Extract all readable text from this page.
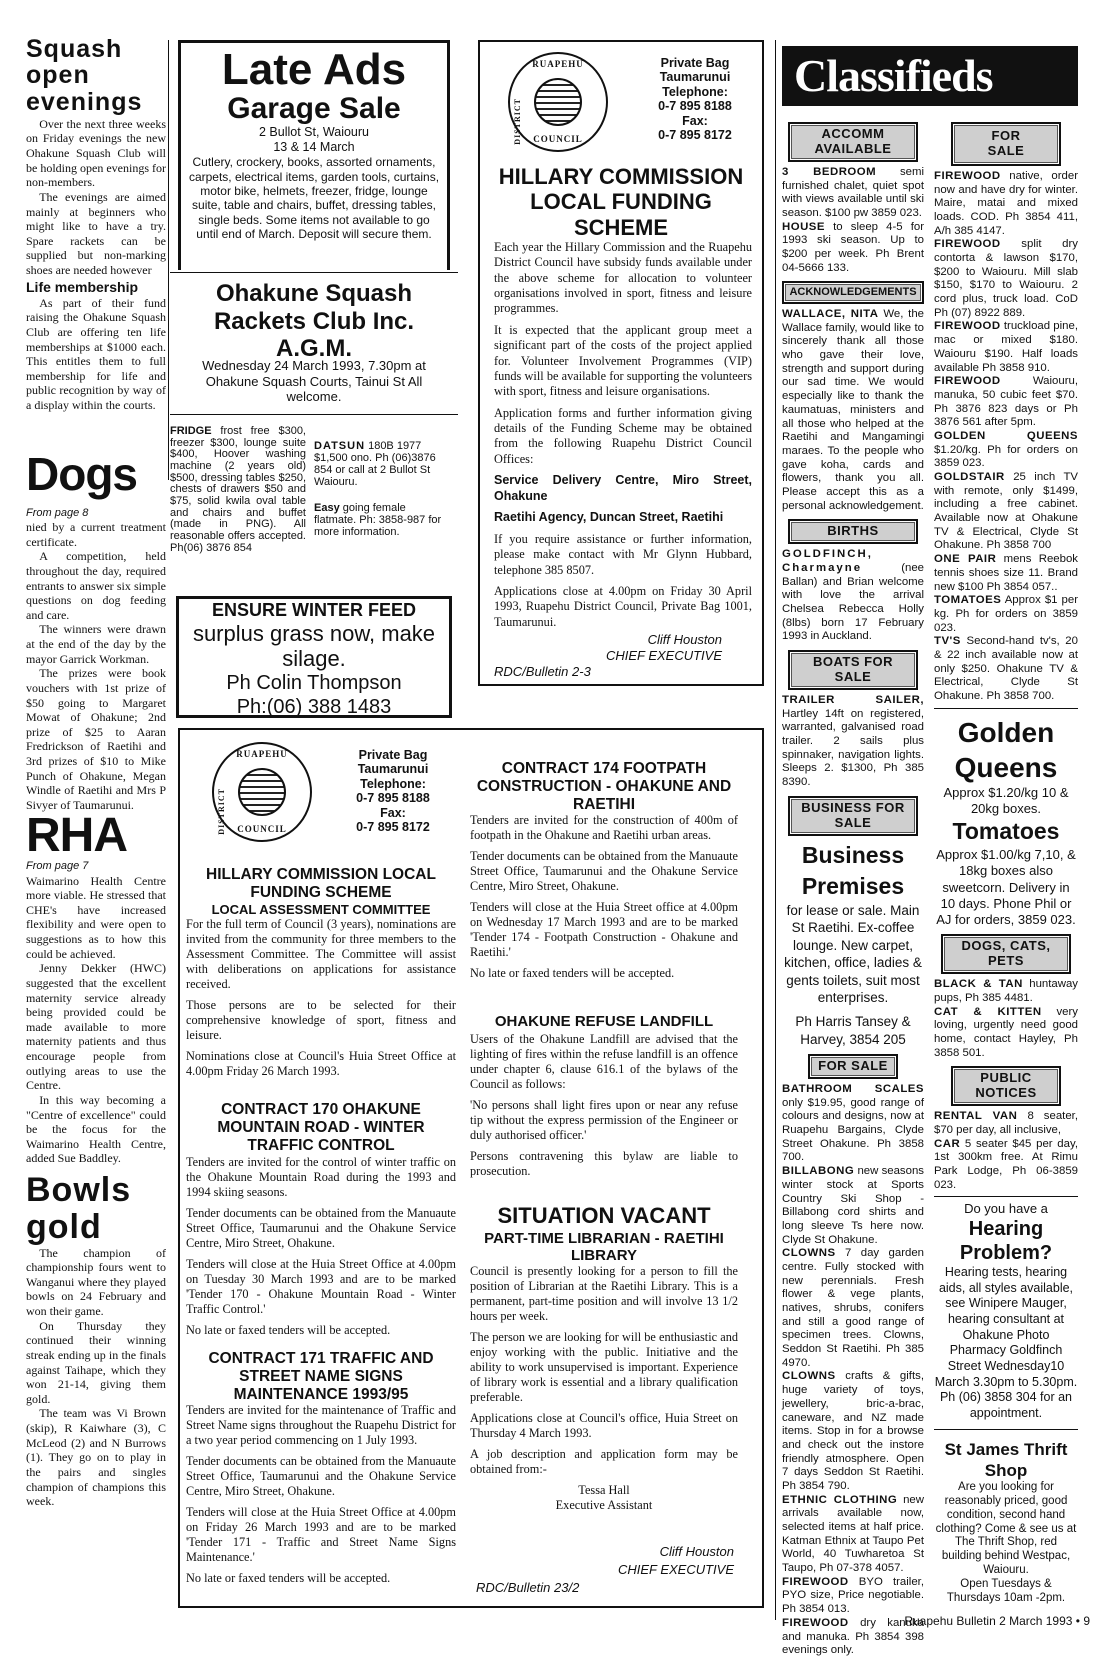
Squash open evenings

Over the next three weeks on Friday evenings the new Ohakune Squash Club will be holding open evenings for non-members.

The evenings are aimed mainly at beginners who might like to have a try. Spare rackets can be supplied but non-marking shoes are needed however

Life membership

As part of their fund raising the Ohakune Squash Club are offering ten life memberships at $1000 each. This entitles them to full membership for life and public recognition by way of a display within the courts.

Dogs
From page 8

nied by a current treatment certificate.

A competition, held throughout the day, required entrants to answer six simple questions on dog feeding and care.

The winners were drawn at the end of the day by the mayor Garrick Workman.

The prizes were book vouchers with 1st prize of $50 going to Margaret Mowat of Ohakune; 2nd prize of $25 to Aaran Fredrickson of Raetihi and 3rd prizes of $10 to Mike Punch of Ohakune, Megan Windle of Raetihi and Mrs P Sivyer of Taumarunui.

RHA
From page 7

Waimarino Health Centre more viable. He stressed that CHE's have increased flexibility and were open to suggestions as to how this could be achieved.

Jenny Dekker (HWC) suggested that the excellent maternity service already being provided could be made available to more maternity patients and thus encourage people from outlying areas to use the Centre.

In this way becoming a "Centre of excellence" could be the focus for the Waimarino Health Centre, added Sue Baddley.

Bowls gold

The champion of championship fours went to Wanganui where they played bowls on 24 February and won their game.

On Thursday they continued their winning streak ending up in the finals against Taihape, which they won 21-14, giving them gold.

The team was Vi Brown (skip), R Kaiwhare (3), C McLeod (2) and N Burrows (1). They go on to play in the pairs and singles champion of champions this week.

Late Ads
Garage Sale
2 Bullot St, Waiouru
13 & 14 March
Cutlery, crockery, books, assorted ornaments, carpets, electrical items, garden tools, curtains, motor bike, helmets, freezer, fridge, lounge suite, table and chairs, buffet, dressing tables, single beds. Some items not available to go until end of March. Deposit will secure them.
Ohakune Squash Rackets Club Inc. A.G.M.
Wednesday 24 March 1993, 7.30pm at Ohakune Squash Courts, Tainui St All welcome.
FRIDGE frost free $300, freezer $300, lounge suite $400, Hoover washing machine (2 years old) $500, dressing tables $250, chests of drawers $50 and $75, solid kwila oval table and chairs and buffet (made in PNG). All reasonable offers accepted. Ph(06) 3876 854
DATSUN 180B 1977 $1,500 ono. Ph (06)3876 854 or call at 2 Bullot St Waiouru.
Easy going female flatmate. Ph: 3858-987 for more information.
ENSURE WINTER FEED
surplus grass now, make silage.
Ph Colin Thompson
Ph:(06) 388 1483
RUAPEHU
DISTRICT	COUNCIL
Private Bag
Taumarunui
Telephone:
0-7 895 8188
Fax:
0-7 895 8172
HILLARY COMMISSION LOCAL FUNDING SCHEME

Each year the Hillary Commission and the Ruapehu District Council have subsidy funds available under the above scheme for allocation to volunteer organisations involved in sport, fitness and leisure programmes.

It is expected that the applicant group meet a significant part of the costs of the project applied for. Volunteer Involvement Programmes (VIP) funds will be available for supporting the volunteers with sport, fitness and leisure organisations.

Application forms and further information giving details of the Funding Scheme may be obtained from the following Ruapehu District Council Offices:

Service Delivery Centre, Miro Street, Ohakune

Raetihi Agency, Duncan Street, Raetihi

If you require assistance or further information, please make contact with Mr Glynn Hubbard, telephone 385 8507.

Applications close at 4.00pm on Friday 30 April 1993, Ruapehu District Council, Private Bag 1001, Taumarunui.

Cliff Houston
CHIEF EXECUTIVE
RDC/Bulletin 2-3
RUAPEHU
DISTRICT	COUNCIL
Private Bag
Taumarunui
Telephone:
0-7 895 8188
Fax:
0-7 895 8172
HILLARY COMMISSION LOCAL FUNDING SCHEME
LOCAL ASSESSMENT COMMITTEE

For the full term of Council (3 years), nominations are invited from the community for three members to the Assessment Committee. The Committee will assist with deliberations on applications for assistance received.

Those persons are to be selected for their comprehensive knowledge of sport, fitness and leisure.

Nominations close at Council's Huia Street Office at 4.00pm Friday 26 March 1993.

CONTRACT 170 OHAKUNE MOUNTAIN ROAD - WINTER TRAFFIC CONTROL

Tenders are invited for the control of winter traffic on the Ohakune Mountain Road during the 1993 and 1994 skiing seasons.

Tender documents can be obtained from the Manuaute Street Office, Taumarunui and the Ohakune Service Centre, Miro Street, Ohakune.

Tenders will close at the Huia Street Office at 4.00pm on Tuesday 30 March 1993 and are to be marked 'Tender 170 - Ohakune Mountain Road - Winter Traffic Control.'

No late or faxed tenders will be accepted.

CONTRACT 171 TRAFFIC AND STREET NAME SIGNS MAINTENANCE 1993/95

Tenders are invited for the maintenance of Traffic and Street Name signs throughout the Ruapehu District for a two year period commencing on 1 July 1993.

Tender documents can be obtained from the Manuaute Street Office, Taumarunui and the Ohakune Service Centre, Miro Street, Ohakune.

Tenders will close at the Huia Street Office at 4.00pm on Friday 26 March 1993 and are to be marked 'Tender 171 - Traffic and Street Name Signs Maintenance.'

No late or faxed tenders will be accepted.

CONTRACT 174 FOOTPATH CONSTRUCTION - OHAKUNE AND RAETIHI

Tenders are invited for the construction of 400m of footpath in the Ohakune and Raetihi urban areas.

Tender documents can be obtained from the Manuaute Street Office, Taumarunui and the Ohakune Service Centre, Miro Street, Ohakune.

Tenders will close at the Huia Street office at 4.00pm on Wednesday 17 March 1993 and are to be marked 'Tender 174 - Footpath Construction - Ohakune and Raetihi.'

No late or faxed tenders will be accepted.

OHAKUNE REFUSE LANDFILL

Users of the Ohakune Landfill are advised that the lighting of fires within the refuse landfill is an offence under chapter 6, clause 616.1 of the bylaws of the Council as follows:

'No persons shall light fires upon or near any refuse tip without the express permission of the Engineer or duly authorised officer.'

Persons contravening this bylaw are liable to prosecution.

SITUATION VACANT
PART-TIME LIBRARIAN - RAETIHI LIBRARY

Council is presently looking for a person to fill the position of Librarian at the Raetihi Library. This is a permanent, part-time position and will involve 13 1/2 hours per week.

The person we are looking for will be enthusiastic and enjoy working with the public. Initiative and the ability to work unsupervised is important. Experience of library work is essential and a library qualification preferable.

Applications close at Council's office, Huia Street on Thursday 4 March 1993.

A job description and application form may be obtained from:-

Tessa Hall

Executive Assistant

Cliff Houston
CHIEF EXECUTIVE
RDC/Bulletin 23/2
Classifieds
ACCOMM AVAILABLE
3 BEDROOM semi furnished chalet, quiet spot with views available until ski season. $100 pw 3859 023.
HOUSE to sleep 4-5 for 1993 ski season. Up to $200 per week. Ph Brent 04-5666 133.
ACKNOWLEDGEMENTS
WALLACE, NITA We, the Wallace family, would like to sincerely thank all those who gave their love, strength and support during our sad time. We would especially like to thank the kaumatuas, ministers and all those who helped at the Raetihi and Mangamingi maraes. To the people who gave koha, cards and flowers, thank you all. Please accept this as a personal acknowledgement.
BIRTHS
GOLDFINCH, Charmayne	(nee Ballan) and Brian welcome with love the arrival Chelsea Rebecca Holly (8lbs) born 17 February 1993 in Auckland.
BOATS FOR SALE
TRAILER SAILER, Hartley 14ft on registered, warranted, galvanised road trailer. 2 sails plus spinnaker, navigation lights. Sleeps 2. $1300, Ph 385 8390.
BUSINESS FOR SALE
Business Premises
for lease or sale. Main St Raetihi. Ex-coffee lounge. New carpet, kitchen, office, ladies & gents toilets, suit most enterprises.
Ph Harris Tansey & Harvey, 3854 205
FOR SALE
BATHROOM SCALES only $19.95, good range of colours and designs, now at Ruapehu Bargains, Clyde Street Ohakune. Ph 3858 700.
BILLABONG new seasons winter stock at Sports Country Ski Shop - Billabong cord shirts and long sleeve Ts here now. Clyde St Ohakune.
CLOWNS 7 day garden centre. Fully stocked with new perennials. Fresh flower & vege plants, natives, shrubs, conifers and still a good range of specimen trees. Clowns, Seddon St Raetihi. Ph 385 4970.
CLOWNS crafts & gifts, huge variety of toys, jewellery, bric-a-brac, caneware, and NZ made items. Stop in for a browse and check out the instore friendly atmosphere. Open 7 days Seddon St Raetihi. Ph 3854 790.
ETHNIC CLOTHING new arrivals available now, selected items at half price. Katman Ethnix at Taupo Pet World, 40 Tuwharetoa St Taupo, Ph 07-378 4057.
FIREWOOD BYO trailer, PYO size, Price negotiable. Ph 3854 013.
FIREWOOD dry kanuka and manuka. Ph 3854 398 evenings only.
FOR SALE
FIREWOOD native, order now and have dry for winter. Maire, matai and mixed loads. COD. Ph 3854 411, A/h 385 4147.
FIREWOOD split dry contorta & lawson $170, $200 to Waiouru. Mill slab $150, $170 to Waiouru. 2 cord plus, truck load. CoD Ph (07) 8922 889.
FIREWOOD truckload pine, mac or mixed $180. Waiouru $190. Half loads available Ph 3858 910.
FIREWOOD	Waiouru, manuka, 50 cubic feet $70. Ph 3876 823 days or Ph 3876 561 after 5pm.
GOLDEN QUEENS $1.20/kg. Ph for orders on 3859 023.
GOLDSTAIR 25 inch TV with remote, only $1499, including a free cabinet. Available now at Ohakune TV & Electrical, Clyde St Ohakune. Ph 3858 700
ONE PAIR mens Reebok tennis shoes size 11. Brand new $100 Ph 3854 057..
TOMATOES Approx $1 per kg. Ph for orders on 3859 023.
TV'S Second-hand tv's, 20 & 22 inch available now at only $250. Ohakune TV & Electrical, Clyde St Ohakune. Ph 3858 700.
Golden Queens
Approx $1.20/kg 10 & 20kg boxes.
Tomatoes
Approx $1.00/kg 7,10, & 18kg boxes also sweetcorn. Delivery in 10 days. Phone Phil or AJ for orders, 3859 023.
DOGS, CATS, PETS
BLACK & TAN huntaway pups, Ph 385 4481.
CAT & KITTEN very loving, urgently need good home, contact Hayley, Ph 3858 501.
PUBLIC NOTICES
RENTAL VAN 8 seater, $70 per day, all inclusive,
CAR 5 seater $45 per day, 1st 300km free. At Rimu Park Lodge, Ph 06-3859 023.
Do you have a
Hearing Problem?
Hearing tests, hearing aids, all styles available, see Winipere Mauger, hearing consultant at Ohakune Photo Pharmacy Goldfinch Street Wednesday10 March 3.30pm to 5.30pm. Ph (06) 3858 304 for an appointment.
St James Thrift Shop
Are you looking for reasonably priced, good condition, second hand clothing? Come & see us at The Thrift Shop, red building behind Westpac, Waiouru.
Open Tuesdays & Thursdays 10am -2pm.
Ruapehu Bulletin 2 March 1993 • 9
